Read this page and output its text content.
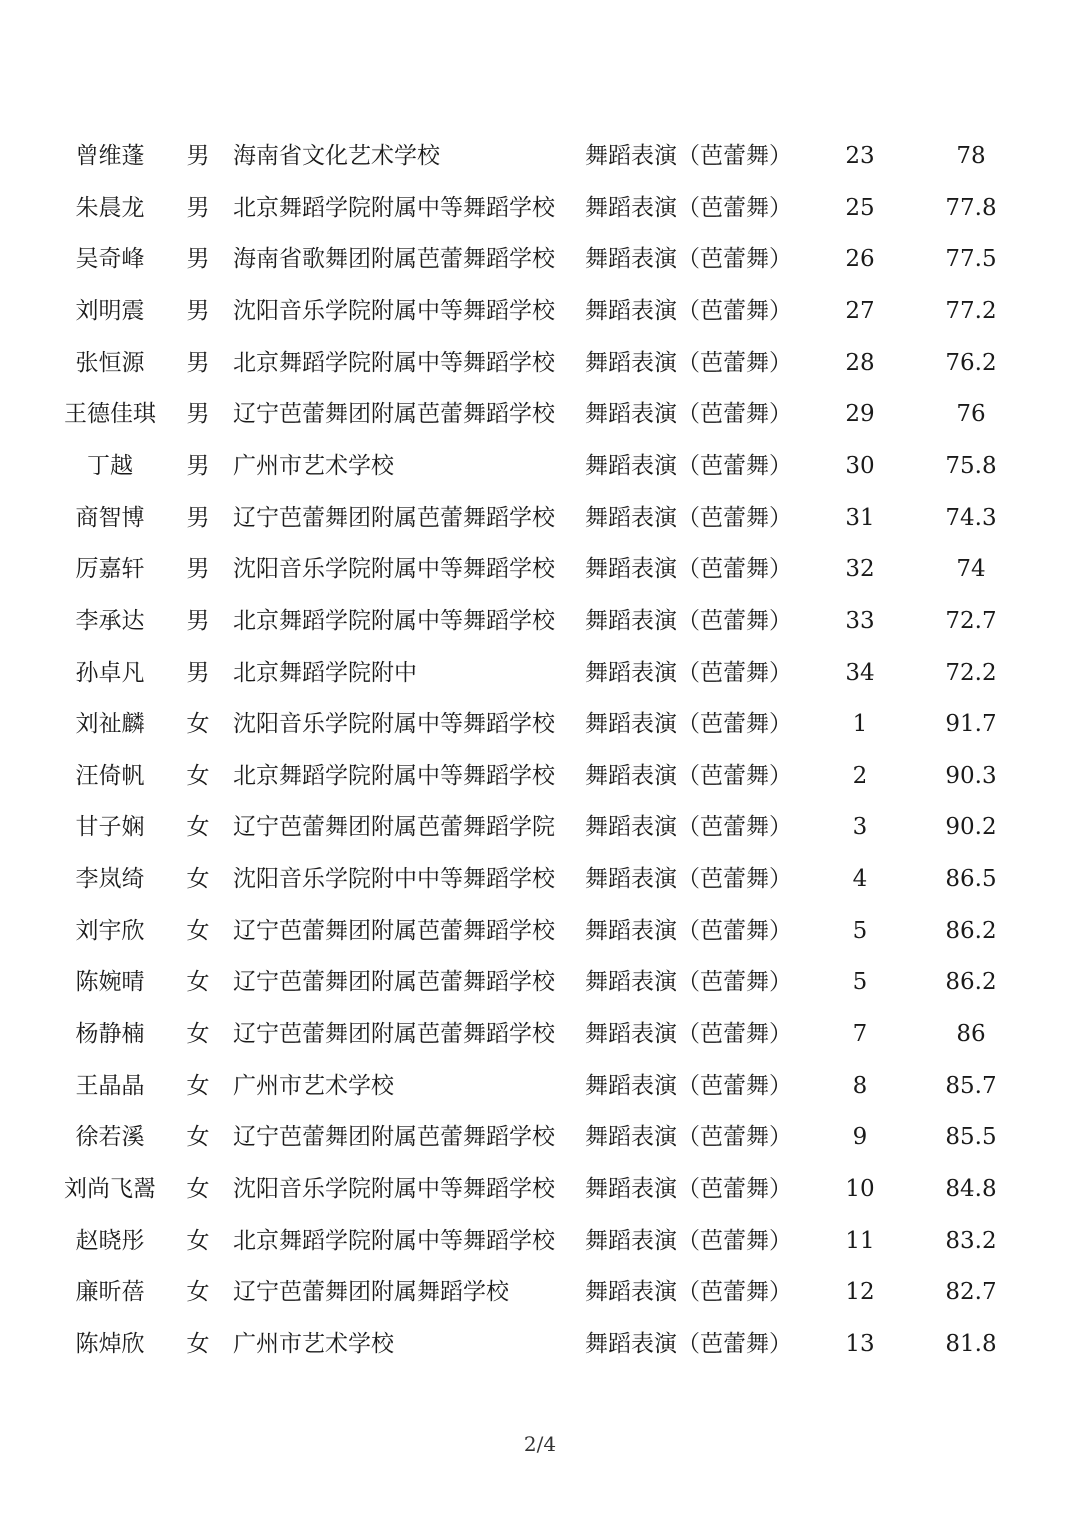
曾维蓬	男	海南省文化艺术学校	舞蹈表演（芭蕾舞）	23	78
朱晨龙	男	北京舞蹈学院附属中等舞蹈学校	舞蹈表演（芭蕾舞）	25	77.8
吴奇峰	男	海南省歌舞团附属芭蕾舞蹈学校	舞蹈表演（芭蕾舞）	26	77.5
刘明震	男	沈阳音乐学院附属中等舞蹈学校	舞蹈表演（芭蕾舞）	27	77.2
张恒源	男	北京舞蹈学院附属中等舞蹈学校	舞蹈表演（芭蕾舞）	28	76.2
王德佳琪	男	辽宁芭蕾舞团附属芭蕾舞蹈学校	舞蹈表演（芭蕾舞）	29	76
丁越	男	广州市艺术学校	舞蹈表演（芭蕾舞）	30	75.8
商智博	男	辽宁芭蕾舞团附属芭蕾舞蹈学校	舞蹈表演（芭蕾舞）	31	74.3
厉嘉轩	男	沈阳音乐学院附属中等舞蹈学校	舞蹈表演（芭蕾舞）	32	74
李承达	男	北京舞蹈学院附属中等舞蹈学校	舞蹈表演（芭蕾舞）	33	72.7
孙卓凡	男	北京舞蹈学院附中	舞蹈表演（芭蕾舞）	34	72.2
刘祉麟	女	沈阳音乐学院附属中等舞蹈学校	舞蹈表演（芭蕾舞）	1	91.7
汪倚帆	女	北京舞蹈学院附属中等舞蹈学校	舞蹈表演（芭蕾舞）	2	90.3
甘子娴	女	辽宁芭蕾舞团附属芭蕾舞蹈学院	舞蹈表演（芭蕾舞）	3	90.2
李岚绮	女	沈阳音乐学院附中中等舞蹈学校	舞蹈表演（芭蕾舞）	4	86.5
刘宇欣	女	辽宁芭蕾舞团附属芭蕾舞蹈学校	舞蹈表演（芭蕾舞）	5	86.2
陈婉晴	女	辽宁芭蕾舞团附属芭蕾舞蹈学校	舞蹈表演（芭蕾舞）	5	86.2
杨静楠	女	辽宁芭蕾舞团附属芭蕾舞蹈学校	舞蹈表演（芭蕾舞）	7	86
王晶晶	女	广州市艺术学校	舞蹈表演（芭蕾舞）	8	85.7
徐若溪	女	辽宁芭蕾舞团附属芭蕾舞蹈学校	舞蹈表演（芭蕾舞）	9	85.5
刘尚飞翯	女	沈阳音乐学院附属中等舞蹈学校	舞蹈表演（芭蕾舞）	10	84.8
赵晓彤	女	北京舞蹈学院附属中等舞蹈学校	舞蹈表演（芭蕾舞）	11	83.2
廉昕蓓	女	辽宁芭蕾舞团附属舞蹈学校	舞蹈表演（芭蕾舞）	12	82.7
陈焯欣	女	广州市艺术学校	舞蹈表演（芭蕾舞）	13	81.8
2/4
